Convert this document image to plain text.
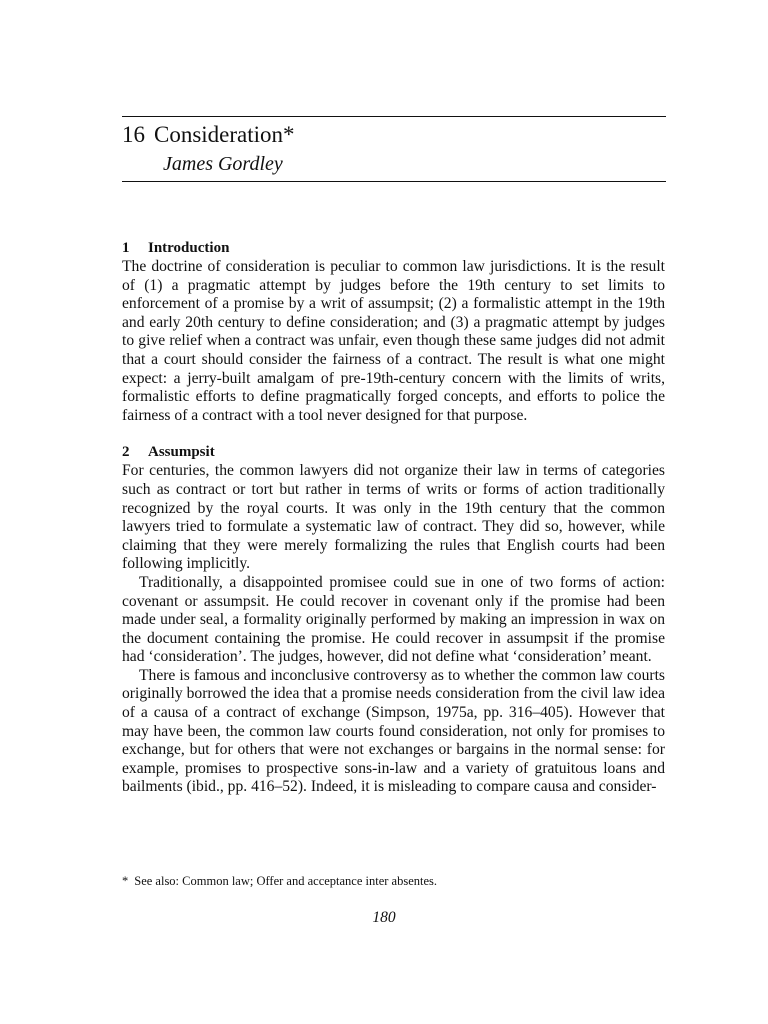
16 Consideration*
James Gordley
1 Introduction

The doctrine of consideration is peculiar to common law jurisdictions. It is the result of (1) a pragmatic attempt by judges before the 19th century to set limits to enforcement of a promise by a writ of assumpsit; (2) a formalistic attempt in the 19th and early 20th century to define consideration; and (3) a pragmatic attempt by judges to give relief when a contract was unfair, even though these same judges did not admit that a court should consider the fairness of a contract. The result is what one might expect: a jerry-built amalgam of pre-19th-century concern with the limits of writs, formalistic efforts to define pragmatically forged concepts, and efforts to police the fairness of a contract with a tool never designed for that purpose.

2 Assumpsit

For centuries, the common lawyers did not organize their law in terms of categories such as contract or tort but rather in terms of writs or forms of action traditionally recognized by the royal courts. It was only in the 19th century that the common lawyers tried to formulate a systematic law of contract. They did so, however, while claiming that they were merely formalizing the rules that English courts had been following implicitly.

Traditionally, a disappointed promisee could sue in one of two forms of action: covenant or assumpsit. He could recover in covenant only if the promise had been made under seal, a formality originally performed by making an impression in wax on the document containing the promise. He could recover in assumpsit if the promise had ‘consideration’. The judges, however, did not define what ‘consideration’ meant.

There is famous and inconclusive controversy as to whether the common law courts originally borrowed the idea that a promise needs consideration from the civil law idea of a causa of a contract of exchange (Simpson, 1975a, pp. 316–405). However that may have been, the common law courts found consideration, not only for promises to exchange, but for others that were not exchanges or bargains in the normal sense: for example, promises to prospective sons-in-law and a variety of gratuitous loans and bailments (ibid., pp. 416–52). Indeed, it is misleading to compare causa and consider-

* See also: Common law; Offer and acceptance inter absentes.

180
